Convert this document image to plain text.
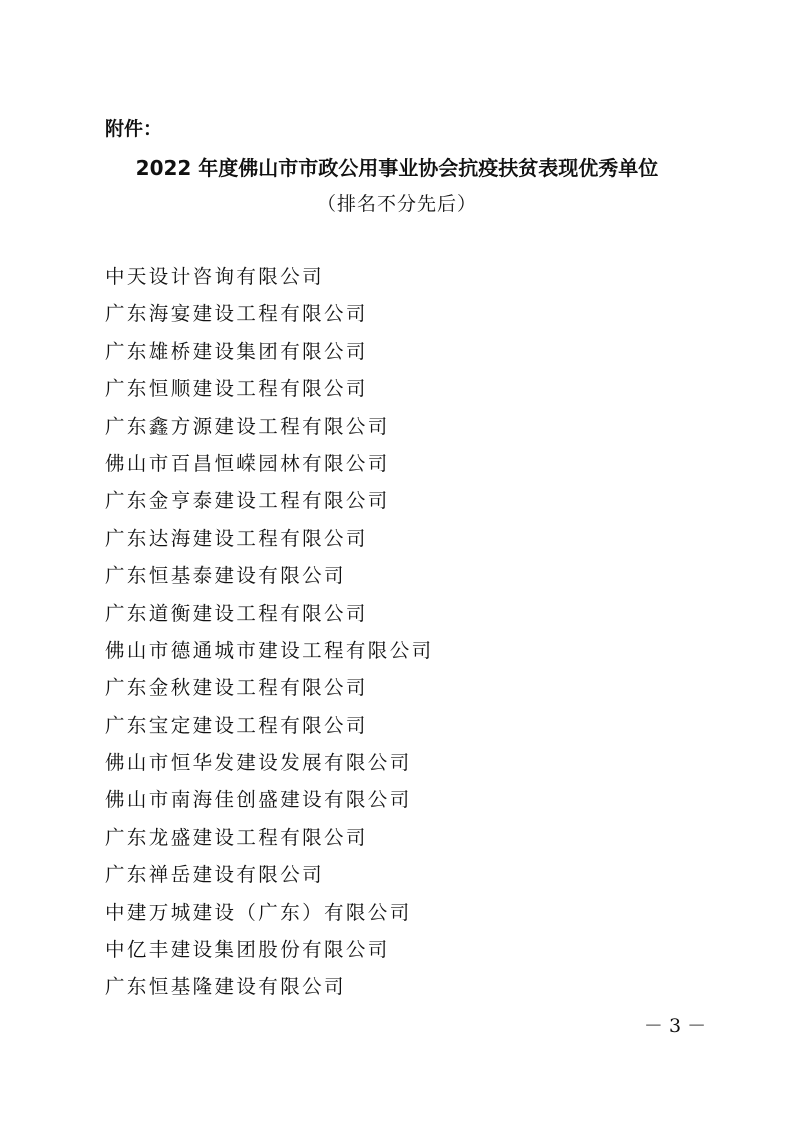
附件：
2022 年度佛山市市政公用事业协会抗疫扶贫表现优秀单位
（排名不分先后）
中天设计咨询有限公司
广东海宴建设工程有限公司
广东雄桥建设集团有限公司
广东恒顺建设工程有限公司
广东鑫方源建设工程有限公司
佛山市百昌恒嵘园林有限公司
广东金亨泰建设工程有限公司
广东达海建设工程有限公司
广东恒基泰建设有限公司
广东道衡建设工程有限公司
佛山市德通城市建设工程有限公司
广东金秋建设工程有限公司
广东宝定建设工程有限公司
佛山市恒华发建设发展有限公司
佛山市南海佳创盛建设有限公司
广东龙盛建设工程有限公司
广东禅岳建设有限公司
中建万城建设（广东）有限公司
中亿丰建设集团股份有限公司
广东恒基隆建设有限公司
－ 3 －
